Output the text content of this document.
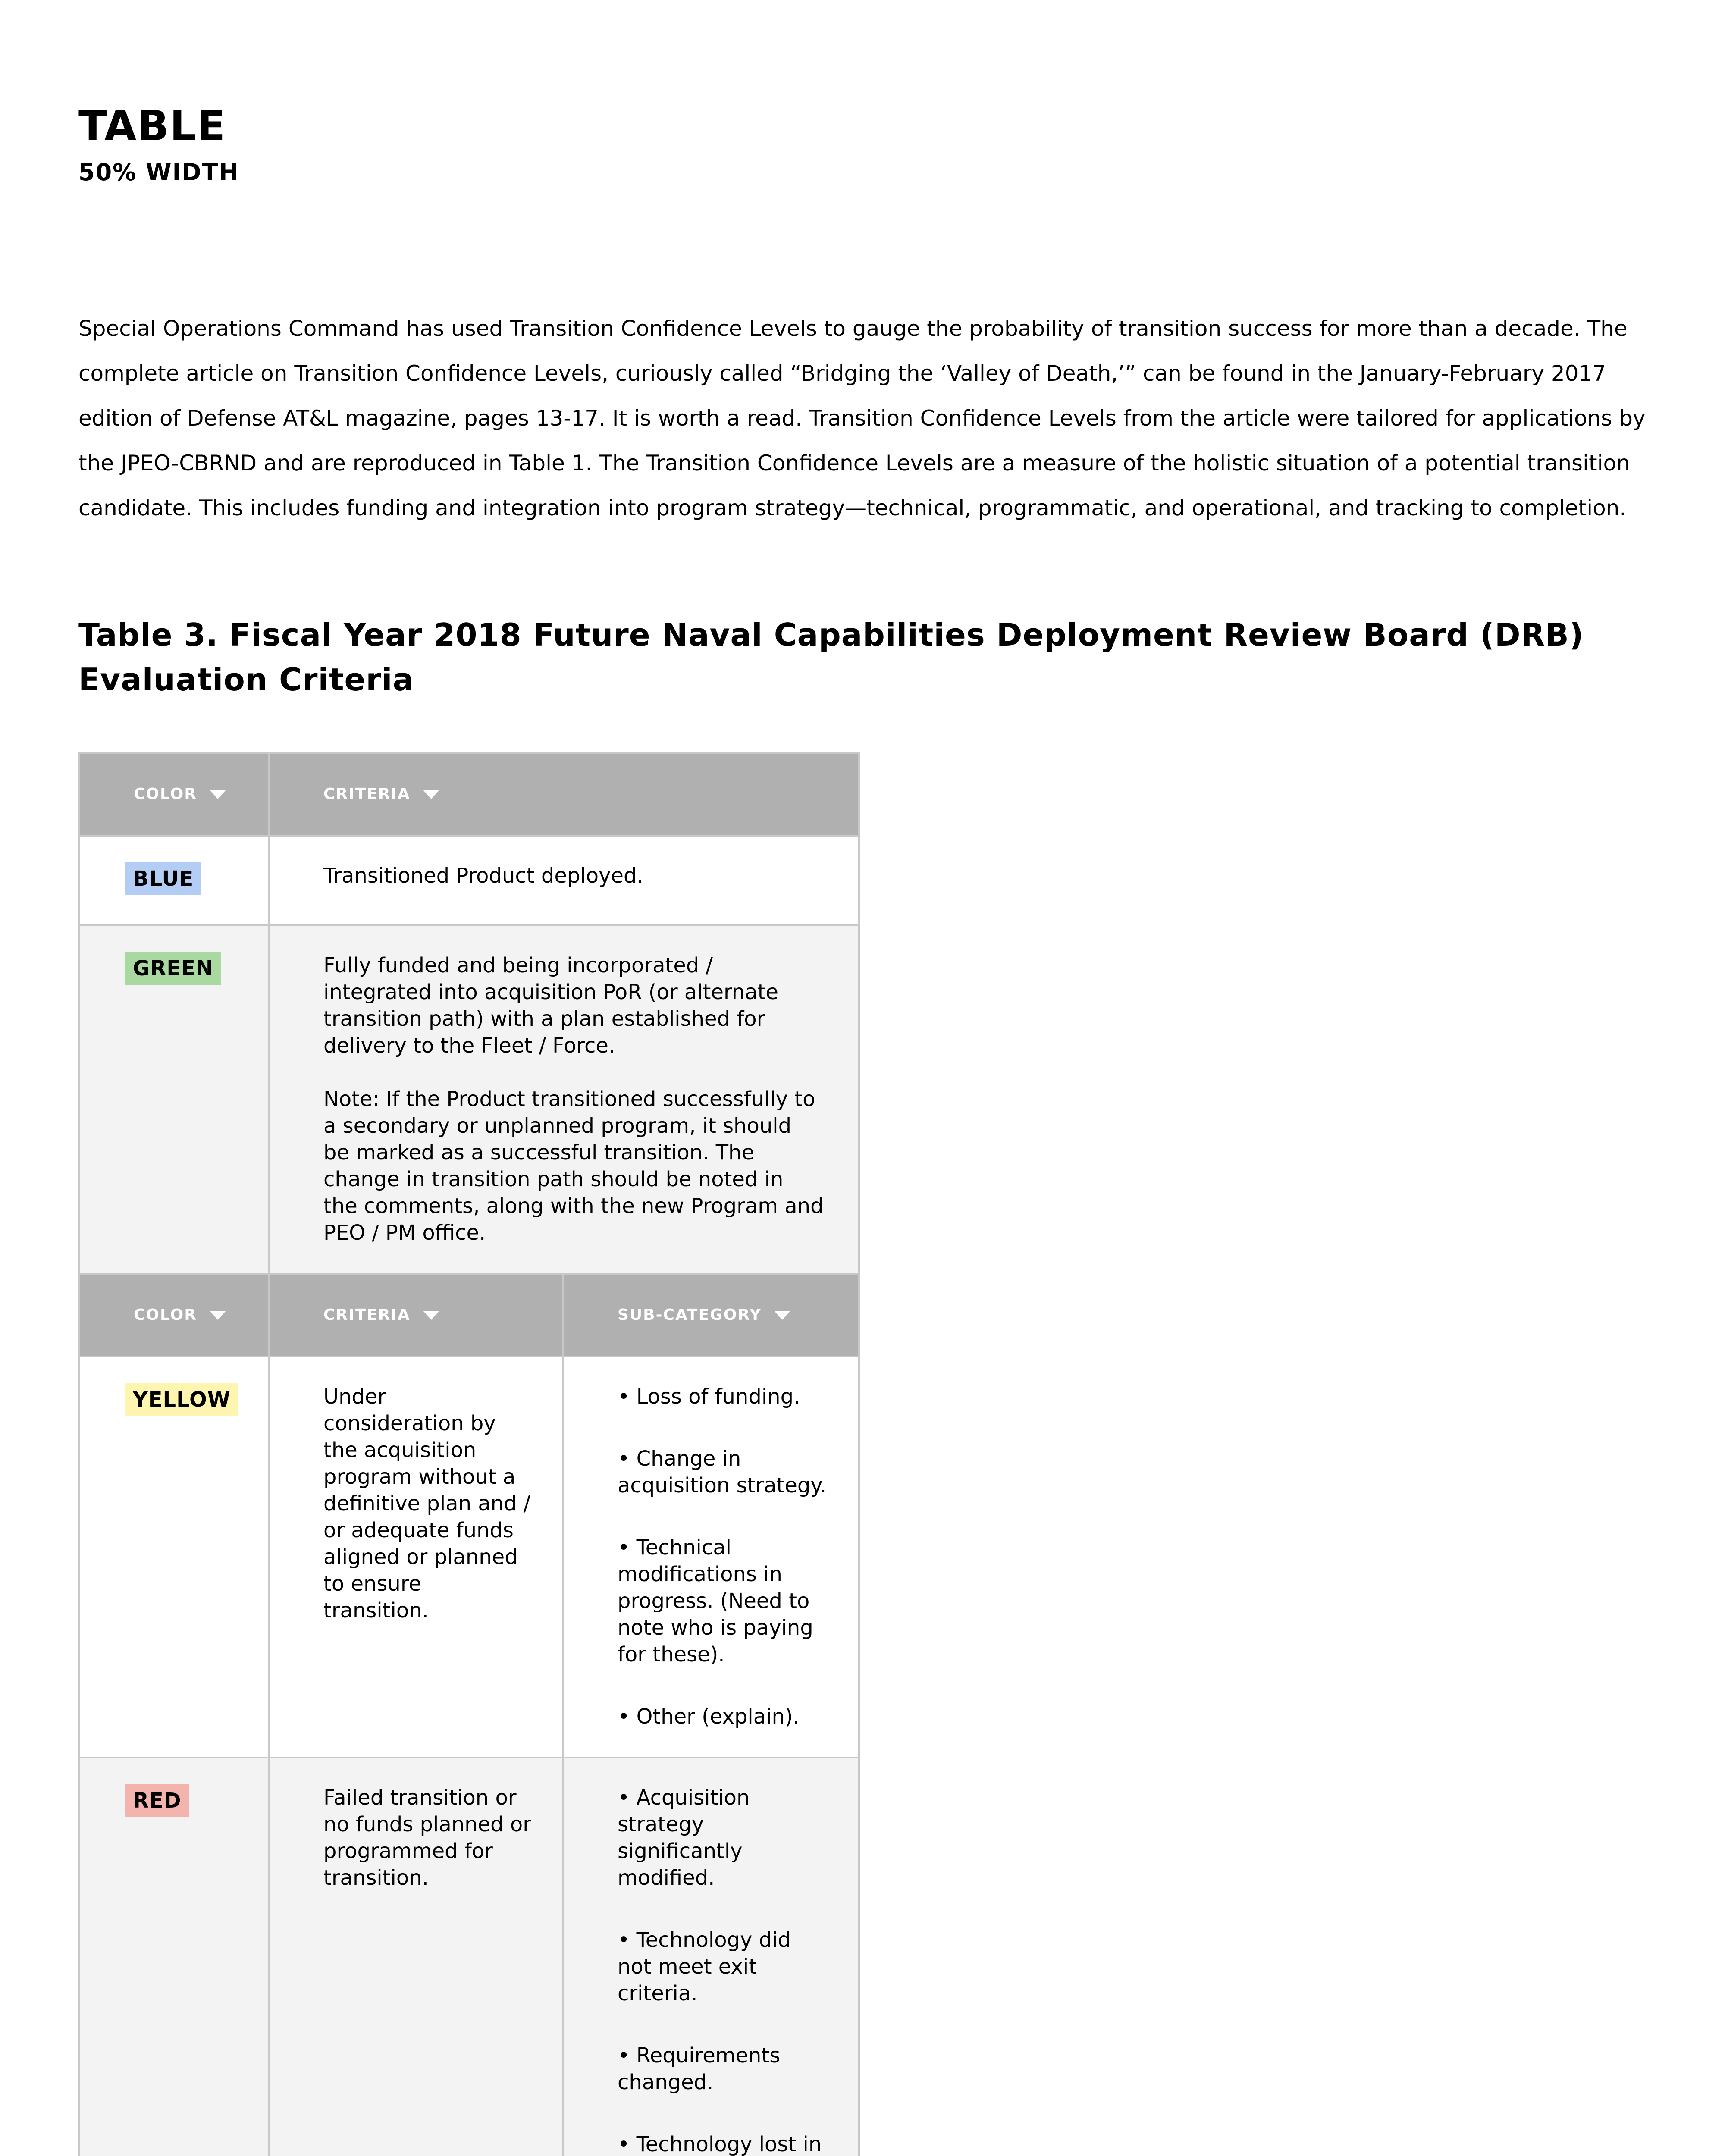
TABLE
50% WIDTH

Special Operations Command has used Transition Confidence Levels to gauge the probability of transition success for more than a decade. The complete article on Transition Confidence Levels, curiously called “Bridging the ‘Valley of Death,’” can be found in the January-February 2017 edition of Defense AT&L magazine, pages 13-17. It is worth a read. Transition Confidence Levels from the article were tailored for applications by the JPEO-CBRND and are reproduced in Table 1. The Transition Confidence Levels are a measure of the holistic situation of a potential transition candidate. This includes funding and integration into program strategy—technical, programmatic, and operational, and tracking to completion.

Table 3. Fiscal Year 2018 Future Naval Capabilities Deployment Review Board (DRB) Evaluation Criteria
COLOR	CRITERIA	
BLUE	Transitioned Product deployed.	

GREEN	Fully funded and being incorporated / integrated into acquisition PoR (or alternate transition path) with a plan established for delivery to the Fleet / Force.

Note: If the Product transitioned successfully to a secondary or unplanned program, it should be marked as a successful transition. The change in transition path should be noted in the comments, along with the new Program and PEO / PM office.	

COLOR	CRITERIA	SUB-CATEGORY
YELLOW	Under consideration by the acquisition program without a definitive plan and / or adequate funds aligned or planned to ensure transition.	• Loss of funding.

• Change in acquisition strategy.

• Technical modifications in progress. (Need to note who is paying for these).

• Other (explain).

RED	Failed transition or no funds planned or programmed for transition.	• Acquisition strategy significantly modified.

• Technology did not meet exit criteria.

• Requirements changed.

• Technology lost in
